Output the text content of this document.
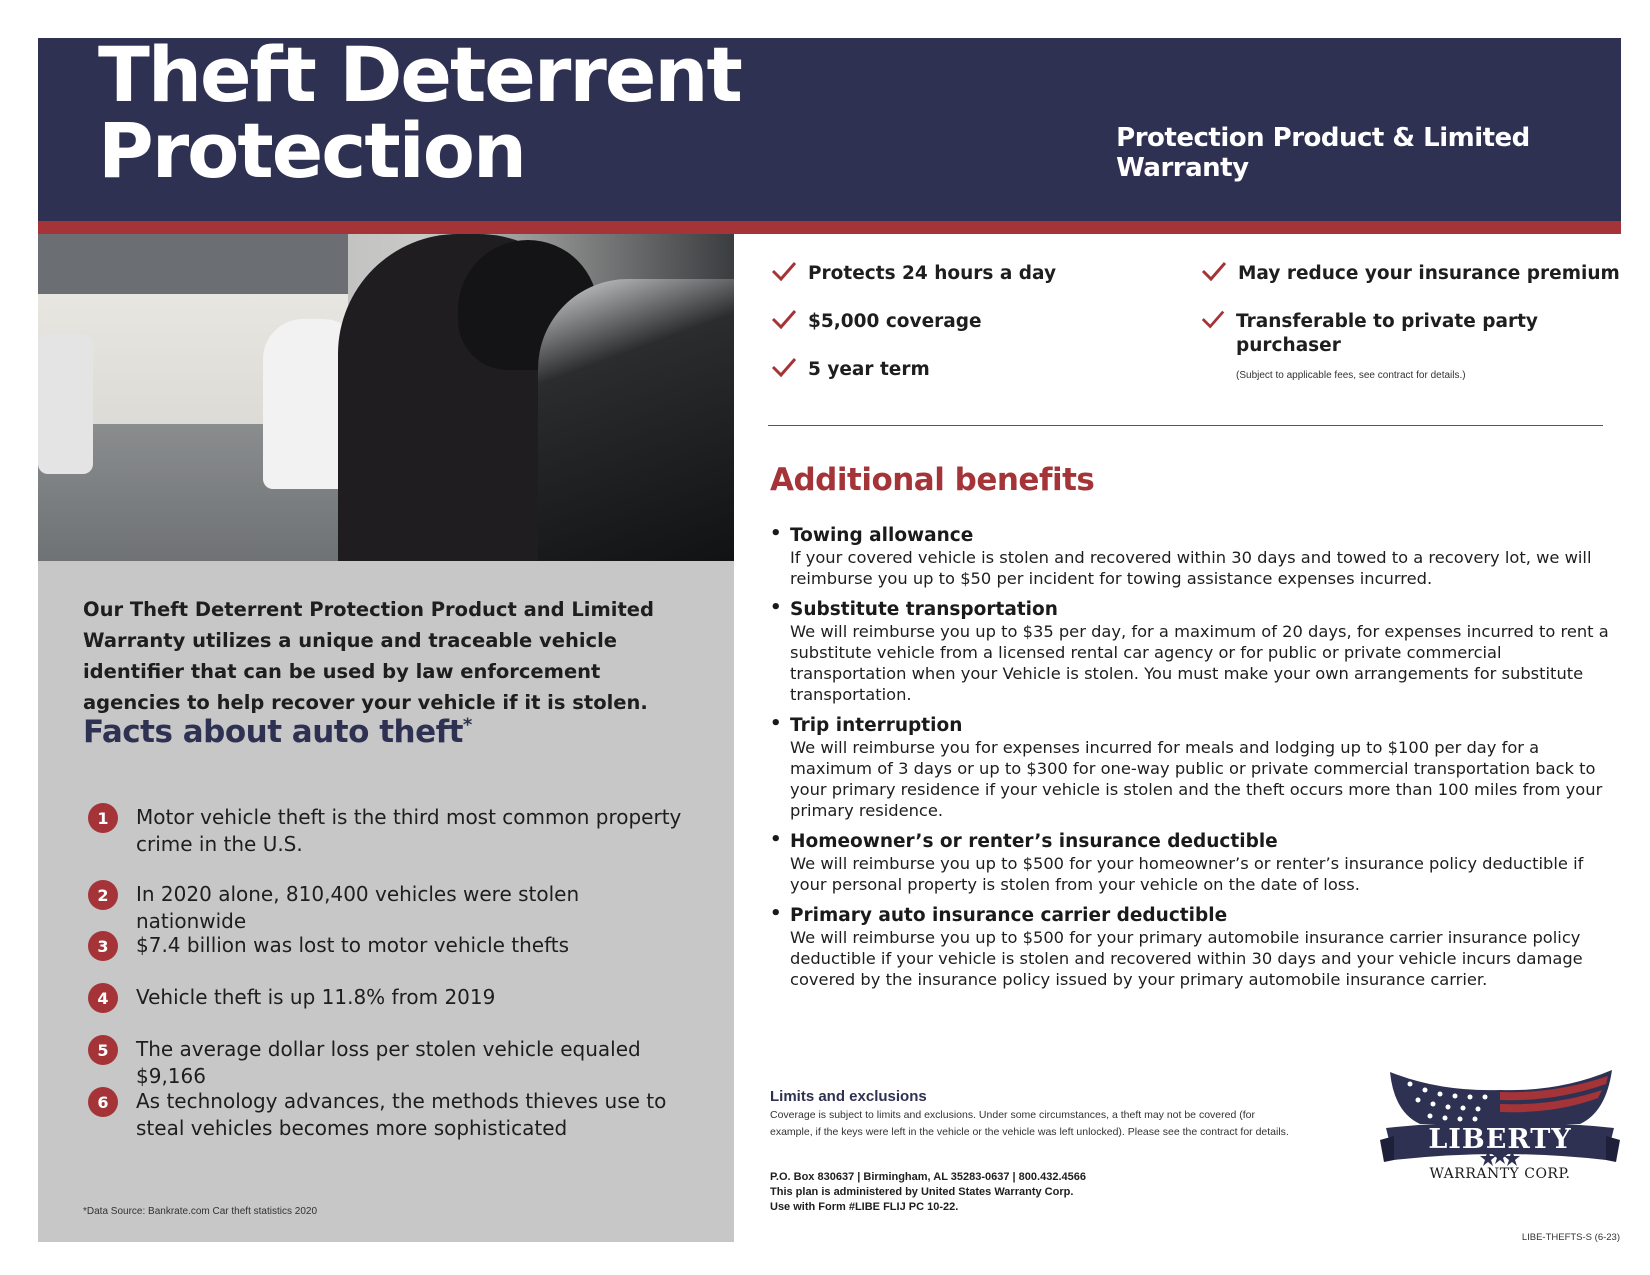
Theft Deterrent Protection	Protection Product & Limited Warranty

Our Theft Deterrent Protection Product and Limited Warranty utilizes a unique and traceable vehicle identifier that can be used by law enforcement agencies to help recover your vehicle if it is stolen.

Facts about auto theft*
1	Motor vehicle theft is the third most common property crime in the U.S.
2	In 2020 alone, 810,400 vehicles were stolen nationwide
3	$7.4 billion was lost to motor vehicle thefts
4	Vehicle theft is up 11.8% from 2019
5	The average dollar loss per stolen vehicle equaled $9,166
6	As technology advances, the methods thieves use to steal vehicles becomes more sophisticated
*Data Source: Bankrate.com Car theft statistics 2020
Protects 24 hours a day
$5,000 coverage
5 year term
May reduce your insurance premium
Transferable to private party purchaser
(Subject to applicable fees, see contract for details.)
Additional benefits
• Towing allowance
If your covered vehicle is stolen and recovered within 30 days and towed to a recovery lot, we will reimburse you up to $50 per incident for towing assistance expenses incurred.
• Substitute transportation
We will reimburse you up to $35 per day, for a maximum of 20 days, for expenses incurred to rent a substitute vehicle from a licensed rental car agency or for public or private commercial transportation when your Vehicle is stolen. You must make your own arrangements for substitute transportation.
• Trip interruption
We will reimburse you for expenses incurred for meals and lodging up to $100 per day for a maximum of 3 days or up to $300 for one-way public or private commercial transportation back to your primary residence if your vehicle is stolen and the theft occurs more than 100 miles from your primary residence.
• Homeowner’s or renter’s insurance deductible
We will reimburse you up to $500 for your homeowner’s or renter’s insurance policy deductible if your personal property is stolen from your vehicle on the date of loss.
• Primary auto insurance carrier deductible
We will reimburse you up to $500 for your primary automobile insurance carrier insurance policy deductible if your vehicle is stolen and recovered within 30 days and your vehicle incurs damage covered by the insurance policy issued by your primary automobile insurance carrier.
Limits and exclusions
Coverage is subject to limits and exclusions. Under some circumstances, a theft may not be covered (for example, if the keys were left in the vehicle or the vehicle was left unlocked). Please see the contract for details.
P.O. Box 830637 | Birmingham, AL 35283-0637 | 800.432.4566
This plan is administered by United States Warranty Corp.
Use with Form #LIBE FLIJ PC 10-22.
LIBERTY
WARRANTY CORP.
LIBE-THEFTS-S (6-23)
